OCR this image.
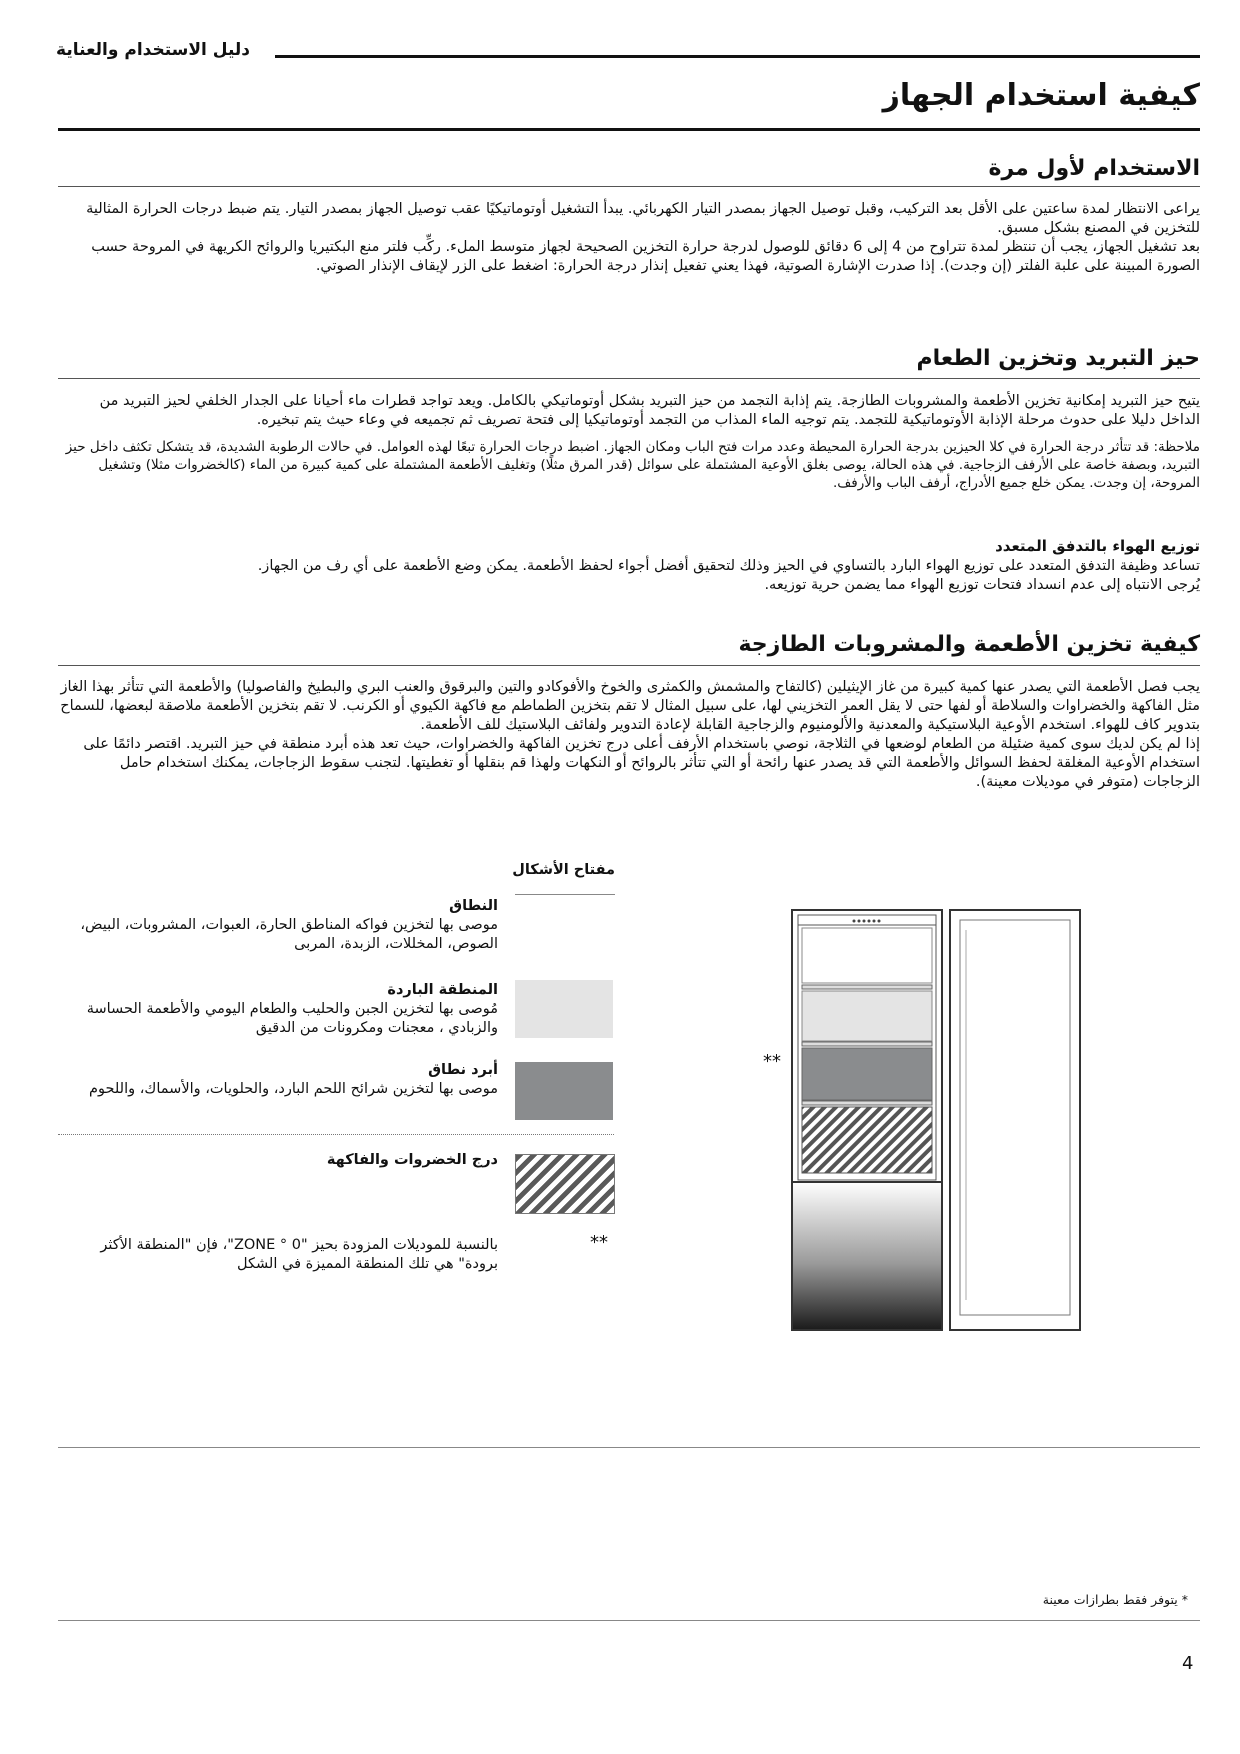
دليل الاستخدام والعناية
كيفية استخدام الجهاز
الاستخدام لأول مرة

يراعى الانتظار لمدة ساعتين على الأقل بعد التركيب، وقبل توصيل الجهاز بمصدر التيار الكهربائي. يبدأ التشغيل أوتوماتيكيًا عقب توصيل الجهاز بمصدر التيار. يتم ضبط درجات الحرارة المثالية للتخزين في المصنع بشكل مسبق.

بعد تشغيل الجهاز، يجب أن تنتظر لمدة تتراوح من 4 إلى 6 دقائق للوصول لدرجة حرارة التخزين الصحيحة لجهاز متوسط الملء. ركِّب فلتر منع البكتيريا والروائح الكريهة في المروحة حسب الصورة المبينة على علبة الفلتر (إن وجدت). إذا صدرت الإشارة الصوتية، فهذا يعني تفعيل إنذار درجة الحرارة: اضغط على الزر لإيقاف الإنذار الصوتي.

حيز التبريد وتخزين الطعام

يتيح حيز التبريد إمكانية تخزين الأطعمة والمشروبات الطازجة. يتم إذابة التجمد من حيز التبريد بشكل أوتوماتيكي بالكامل. ويعد تواجد قطرات ماء أحيانا على الجدار الخلفي لحيز التبريد من الداخل دليلا على حدوث مرحلة الإذابة الأوتوماتيكية للتجمد. يتم توجيه الماء المذاب من التجمد أوتوماتيكيا إلى فتحة تصريف ثم تجميعه في وعاء حيث يتم تبخيره.

ملاحظة: قد تتأثر درجة الحرارة في كلا الحيزين بدرجة الحرارة المحيطة وعدد مرات فتح الباب ومكان الجهاز. اضبط درجات الحرارة تبعًا لهذه العوامل. في حالات الرطوبة الشديدة، قد يتشكل تكثف داخل حيز التبريد، وبصفة خاصة على الأرفف الزجاجية. في هذه الحالة، يوصى بغلق الأوعية المشتملة على سوائل (قدر المرق مثلًا) وتغليف الأطعمة المشتملة على كمية كبيرة من الماء (كالخضروات مثلا) وتشغيل المروحة، إن وجدت. يمكن خلع جميع الأدراج، أرفف الباب والأرفف.

توزيع الهواء بالتدفق المتعدد

تساعد وظيفة التدفق المتعدد على توزيع الهواء البارد بالتساوي في الحيز وذلك لتحقيق أفضل أجواء لحفظ الأطعمة. يمكن وضع الأطعمة على أي رف من الجهاز.

يُرجى الانتباه إلى عدم انسداد فتحات توزيع الهواء مما يضمن حرية توزيعه.

كيفية تخزين الأطعمة والمشروبات الطازجة

يجب فصل الأطعمة التي يصدر عنها كمية كبيرة من غاز الإيثيلين (كالتفاح والمشمش والكمثرى والخوخ والأفوكادو والتين والبرقوق والعنب البري والبطيخ والفاصوليا) والأطعمة التي تتأثر بهذا الغاز مثل الفاكهة والخضراوات والسلاطة أو لفها حتى لا يقل العمر التخزيني لها، على سبيل المثال لا تقم بتخزين الطماطم مع فاكهة الكيوي أو الكرنب. لا تقم بتخزين الأطعمة ملاصقة لبعضها، للسماح بتدوير كاف للهواء. استخدم الأوعية البلاستيكية والمعدنية والألومنيوم والزجاجية القابلة لإعادة التدوير ولفائف البلاستيك للف الأطعمة.

إذا لم يكن لديك سوى كمية ضئيلة من الطعام لوضعها في الثلاجة، نوصي باستخدام الأرفف أعلى درج تخزين الفاكهة والخضراوات، حيث تعد هذه أبرد منطقة في حيز التبريد. اقتصر دائمًا على استخدام الأوعية المغلقة لحفظ السوائل والأطعمة التي قد يصدر عنها رائحة أو التي تتأثر بالروائح أو النكهات ولهذا قم بنقلها أو تغطيتها. لتجنب سقوط الزجاجات، يمكنك استخدام حامل الزجاجات (متوفر في موديلات معينة).

مفتاح الأشكال
النطاق
موصى بها لتخزين فواكه المناطق الحارة، العبوات، المشروبات، البيض، الصوص، المخللات، الزبدة، المربى
المنطقة الباردة
مُوصى بها لتخزين الجبن والحليب والطعام اليومي والأطعمة الحساسة والزبادي ، معجنات ومكرونات من الدقيق
أبرد نطاق
موصى بها لتخزين شرائح اللحم البارد، والحلويات، والأسماك، واللحوم
درج الخضروات والفاكهة
بالنسبة للموديلات المزودة بحيز "ZONE ° 0"، فإن "المنطقة الأكثر برودة" هي تلك المنطقة المميزة في الشكل
**
**
* يتوفر فقط بطرازات معينة
4
